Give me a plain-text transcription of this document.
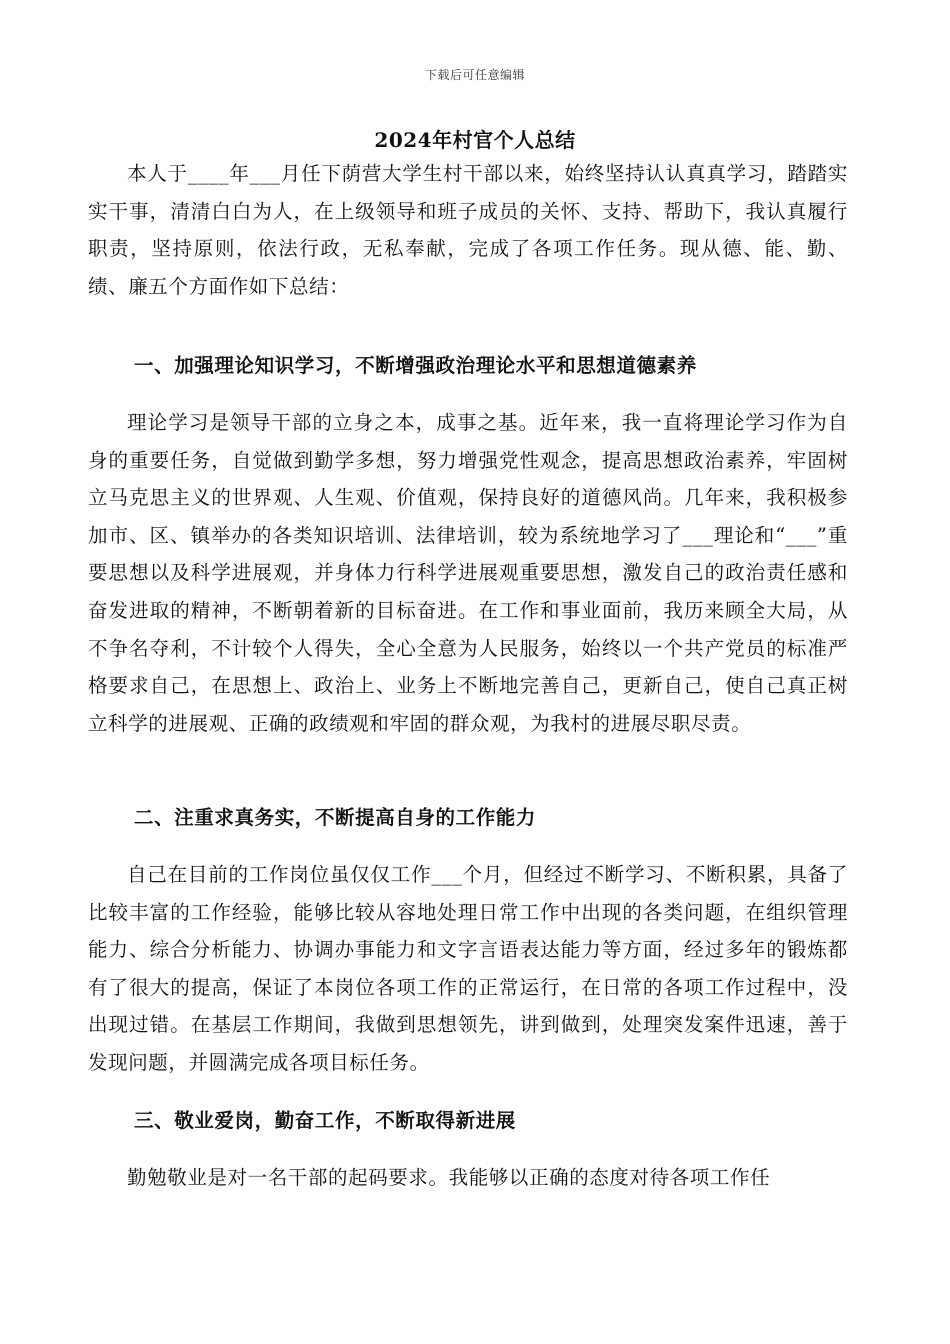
下载后可任意编辑
2024年村官个人总结

本人于____年___月任下荫营大学生村干部以来，始终坚持认认真真学习，踏踏实实干事，清清白白为人，在上级领导和班子成员的关怀、支持、帮助下，我认真履行职责，坚持原则，依法行政，无私奉献，完成了各项工作任务。现从德、能、勤、绩、廉五个方面作如下总结：

一、加强理论知识学习，不断增强政治理论水平和思想道德素养

理论学习是领导干部的立身之本，成事之基。近年来，我一直将理论学习作为自身的重要任务，自觉做到勤学多想，努力增强党性观念，提高思想政治素养，牢固树立马克思主义的世界观、人生观、价值观，保持良好的道德风尚。几年来，我积极参加市、区、镇举办的各类知识培训、法律培训，较为系统地学习了___理论和“___”重要思想以及科学进展观，并身体力行科学进展观重要思想，激发自己的政治责任感和奋发进取的精神，不断朝着新的目标奋进。在工作和事业面前，我历来顾全大局，从不争名夺利，不计较个人得失，全心全意为人民服务，始终以一个共产党员的标准严格要求自己，在思想上、政治上、业务上不断地完善自己，更新自己，使自己真正树立科学的进展观、正确的政绩观和牢固的群众观，为我村的进展尽职尽责。

二、注重求真务实，不断提高自身的工作能力

自己在目前的工作岗位虽仅仅工作___个月，但经过不断学习、不断积累，具备了比较丰富的工作经验，能够比较从容地处理日常工作中出现的各类问题，在组织管理能力、综合分析能力、协调办事能力和文字言语表达能力等方面，经过多年的锻炼都有了很大的提高，保证了本岗位各项工作的正常运行，在日常的各项工作过程中，没出现过错。在基层工作期间，我做到思想领先，讲到做到，处理突发案件迅速，善于发现问题，并圆满完成各项目标任务。

三、敬业爱岗，勤奋工作，不断取得新进展

勤勉敬业是对一名干部的起码要求。我能够以正确的态度对待各项工作任
